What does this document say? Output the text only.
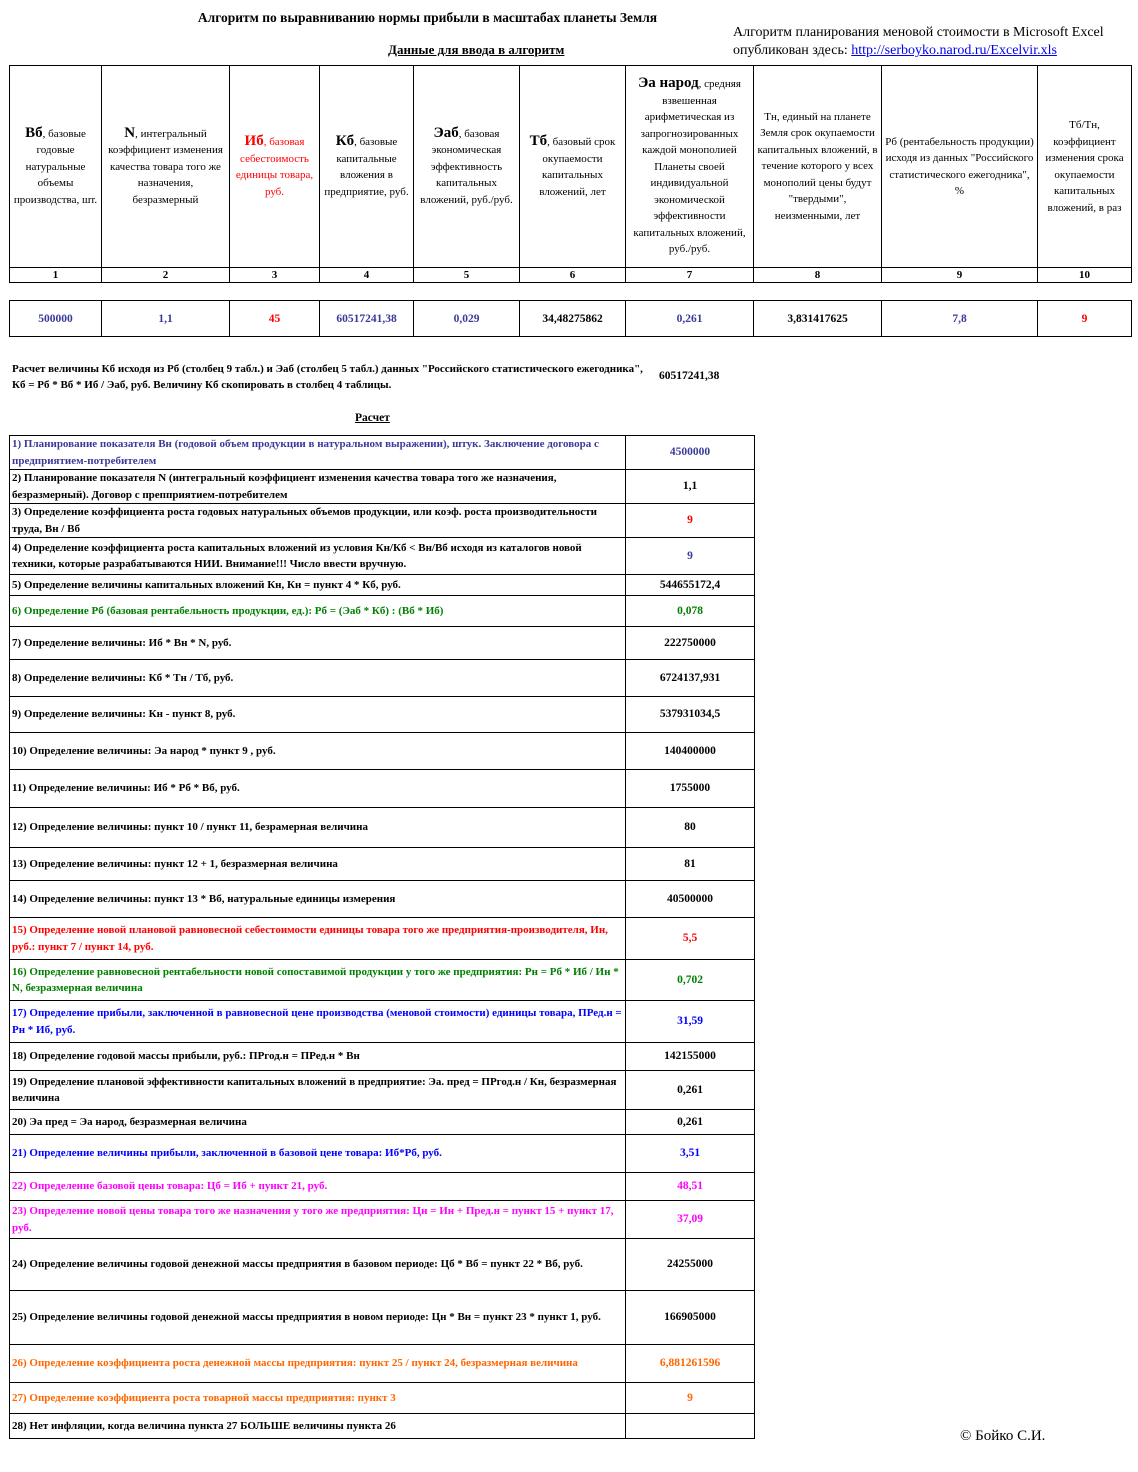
Алгоритм по выравниванию нормы прибыли в масштабах планеты Земля
Алгоритм планирования меновой стоимости в Microsoft Excel опубликован здесь: http://serboyko.narod.ru/Excelvir.xls
Данные для ввода в алгоритм
Вб, базовые годовые натуральные объемы производства, шт.	N, интегральный коэффициент изменения качества товара того же назначения, безразмерный	Иб, базовая себестоимость единицы товара, руб.	Кб, базовые капитальные вложения в предприятие, руб.	Эаб, базовая экономическая эффективность капитальных вложений, руб./руб.	Тб, базовый срок окупаемости капитальных вложений, лет	Эа народ, средняя взвешенная арифметическая из запрогнозированных каждой монополией Планеты своей индивидуальной экономической эффективности капитальных вложений, руб./руб.	Тн, единый на планете Земля срок окупаемости капитальных вложений, в течение которого у всех монополий цены будут "твердыми", неизменными, лет	Рб (рентабельность продукции) исходя из данных "Российского статистического ежегодника", %	Тб/Тн, коэффициент изменения срока окупаемости капитальных вложений, в раз
1	2	3	4	5	6	7	8	9	10
500000	1,1	45	60517241,38	0,029	34,48275862	0,261	3,831417625	7,8	9
Расчет величины Кб исходя из Рб (столбец 9 табл.) и Эаб (столбец 5 табл.) данных "Российского статистического ежегодника", Кб = Рб * Вб * Иб / Эаб, руб. Величину Кб скопировать в столбец 4 таблицы.
60517241,38
Расчет
1) Планирование показателя Вн (годовой объем продукции в натуральном выражении), штук. Заключение договора с предприятием-потребителем	4500000
2) Планирование показателя N (интегральный коэффициент изменения качества товара того же назначения, безразмерный). Договор с препприятием-потребителем	1,1
3) Определение коэффициента роста годовых натуральных объемов продукции, или коэф. роста производительности труда, Вн / Вб	9
4) Определение коэффициента роста капитальных вложений из условия Кн/Кб < Вн/Вб исходя из каталогов новой техники, которые разрабатываются НИИ. Внимание!!! Число ввести вручную.	9
5) Определение величины капитальных вложений Кн, Кн = пункт 4 * Кб, руб.	544655172,4
6) Определение Рб (базовая рентабельность продукции, ед.): Рб = (Эаб * Кб) : (Вб * Иб)	0,078
7) Определение величины: Иб * Вн * N, руб.	222750000
8) Определение величины: Кб * Тн / Тб, руб.	6724137,931
9) Определение величины: Кн - пункт 8, руб.	537931034,5
10) Определение величины: Эа народ * пункт 9 , руб.	140400000
11) Определение величины: Иб * Рб * Вб, руб.	1755000
12) Определение величины: пункт 10 / пункт 11, безрамерная величина	80
13) Определение величины: пункт 12 + 1, безразмерная величина	81
14) Определение величины: пункт 13 * Вб, натуральные единицы измерения	40500000
15) Определение новой плановой равновесной себестоимости единицы товара того же предприятия-производителя, Ин, руб.: пункт 7 / пункт 14, руб.	5,5
16) Определение равновесной рентабельности новой сопоставимой продукции у того же предприятия: Рн = Рб * Иб / Ин * N, безразмерная величина	0,702
17) Определение прибыли, заключенной в равновесной цене производства (меновой стоимости) единицы товара, ПРед.н = Рн * Иб, руб.	31,59
18) Определение годовой массы прибыли, руб.: ПРгод.н = ПРед.н * Вн	142155000
19) Определение плановой эффективности капитальных вложений в предприятие: Эа. пред = ПРгод.н / Кн, безразмерная величина	0,261
20) Эа пред = Эа народ, безразмерная величина	0,261
21) Определение величины прибыли, заключенной в базовой цене товара: Иб*Рб, руб.	3,51
22) Определение базовой цены товара: Цб = Иб + пункт 21, руб.	48,51
23) Определение новой цены товара того же назначения у того же предприятия: Цн = Ин + Пред.н = пункт 15 + пункт 17, руб.	37,09
24) Определение величины годовой денежной массы предприятия в базовом периоде: Цб * Вб = пункт 22 * Вб, руб.	24255000
25) Определение величины годовой денежной массы предприятия в новом периоде: Цн * Вн = пункт 23 * пункт 1, руб.	166905000
26) Определение коэффициента роста денежной массы предприятия: пункт 25 / пункт 24, безразмерная величина	6,881261596
27) Определение коэффициента роста товарной массы предприятия: пункт 3	9
28) Нет инфляции, когда величина пункта 27 БОЛЬШЕ величины пункта 26	
© Бойко С.И.
